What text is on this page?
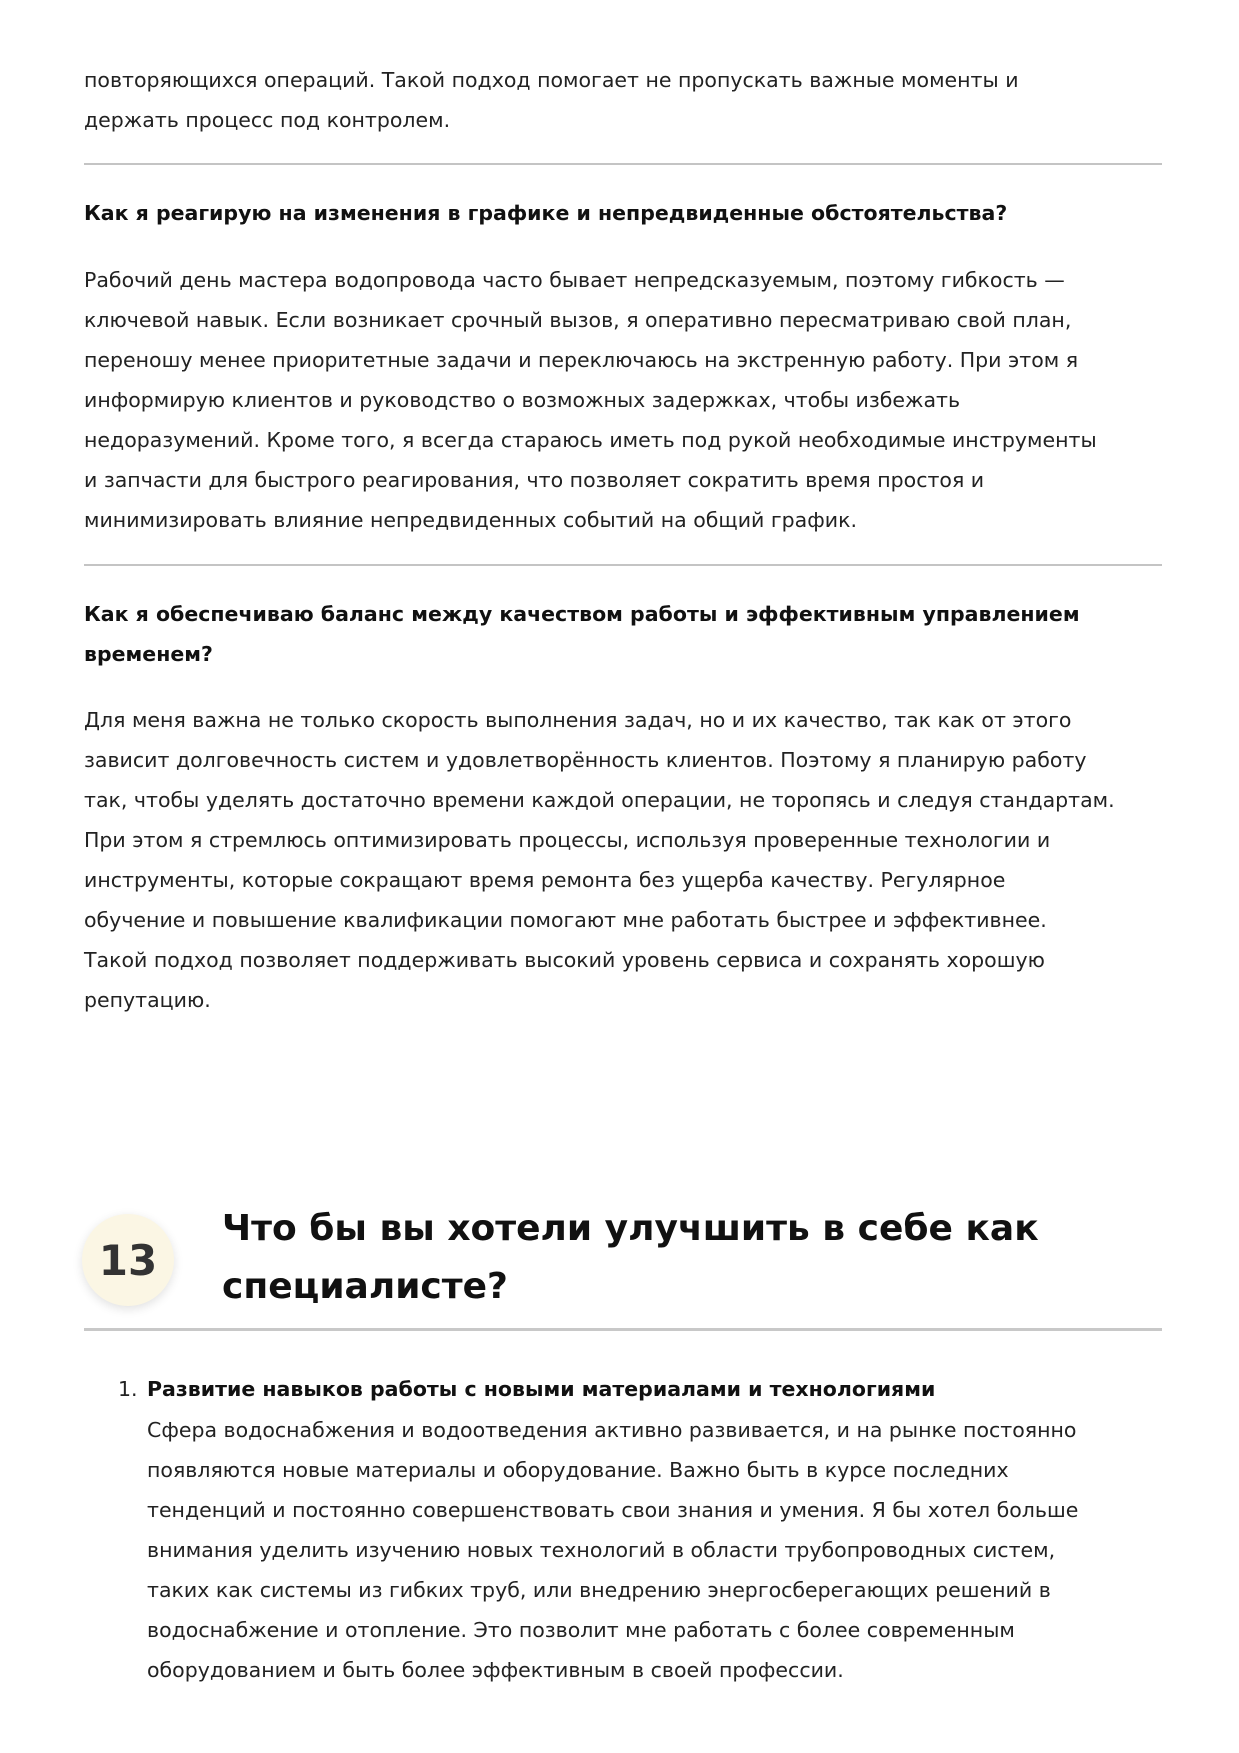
повторяющихся операций. Такой подход помогает не пропускать важные моменты и
держать процесс под контролем.
Как я реагирую на изменения в графике и непредвиденные обстоятельства?
Рабочий день мастера водопровода часто бывает непредсказуемым, поэтому гибкость —
ключевой навык. Если возникает срочный вызов, я оперативно пересматриваю свой план,
переношу менее приоритетные задачи и переключаюсь на экстренную работу. При этом я
информирую клиентов и руководство о возможных задержках, чтобы избежать
недоразумений. Кроме того, я всегда стараюсь иметь под рукой необходимые инструменты
и запчасти для быстрого реагирования, что позволяет сократить время простоя и
минимизировать влияние непредвиденных событий на общий график.
Как я обеспечиваю баланс между качеством работы и эффективным управлением
временем?
Для меня важна не только скорость выполнения задач, но и их качество, так как от этого
зависит долговечность систем и удовлетворённость клиентов. Поэтому я планирую работу
так, чтобы уделять достаточно времени каждой операции, не торопясь и следуя стандартам.
При этом я стремлюсь оптимизировать процессы, используя проверенные технологии и
инструменты, которые сокращают время ремонта без ущерба качеству. Регулярное
обучение и повышение квалификации помогают мне работать быстрее и эффективнее.
Такой подход позволяет поддерживать высокий уровень сервиса и сохранять хорошую
репутацию.
13
Что бы вы хотели улучшить в себе как
специалисте?
1. Развитие навыков работы с новыми материалами и технологиями
Сфера водоснабжения и водоотведения активно развивается, и на рынке постоянно
появляются новые материалы и оборудование. Важно быть в курсе последних
тенденций и постоянно совершенствовать свои знания и умения. Я бы хотел больше
внимания уделить изучению новых технологий в области трубопроводных систем,
таких как системы из гибких труб, или внедрению энергосберегающих решений в
водоснабжение и отопление. Это позволит мне работать с более современным
оборудованием и быть более эффективным в своей профессии.
